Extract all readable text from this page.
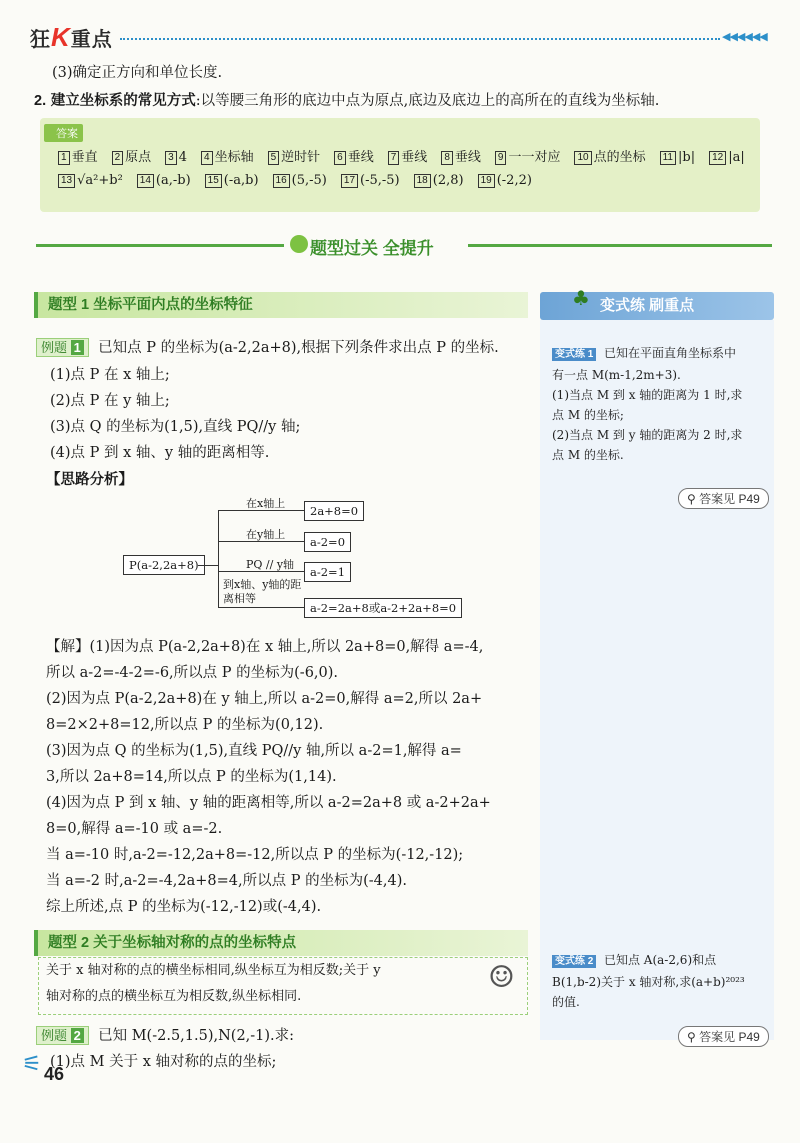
狂K重点	◀◀◀◀◀◀
(3)确定正方向和单位长度.
2. 建立坐标系的常见方式:以等腰三角形的底边中点为原点,底边及底边上的高所在的直线为坐标轴.
答案
1 垂直 2 原点 3 4 4 坐标轴 5 逆时针 6 垂线 7 垂线 8 垂线 9 一一对应 10 点的坐标 11 |b| 12 |a|
13 √a²+b² 14 (a,-b) 15 (-a,b) 16 (5,-5) 17 (-5,-5) 18 (2,8) 19 (-2,2)
题型过关 全提升
题型 1 坐标平面内点的坐标特征
例题 1 已知点 P 的坐标为(a-2,2a+8),根据下列条件求出点 P 的坐标.
(1)点 P 在 x 轴上;
(2)点 P 在 y 轴上;
(3)点 Q 的坐标为(1,5),直线 PQ//y 轴;
(4)点 P 到 x 轴、y 轴的距离相等.
【思路分析】
P(a-2,2a+8)
在x轴上
在y轴上
PQ // y轴
到x轴、y轴的距离相等
2a+8=0
a-2=0
a-2=1
a-2=2a+8或a-2+2a+8=0
【解】(1)因为点 P(a-2,2a+8)在 x 轴上,所以 2a+8=0,解得 a=-4,
所以 a-2=-4-2=-6,所以点 P 的坐标为(-6,0).
(2)因为点 P(a-2,2a+8)在 y 轴上,所以 a-2=0,解得 a=2,所以 2a+
8=2×2+8=12,所以点 P 的坐标为(0,12).
(3)因为点 Q 的坐标为(1,5),直线 PQ//y 轴,所以 a-2=1,解得 a=
3,所以 2a+8=14,所以点 P 的坐标为(1,14).
(4)因为点 P 到 x 轴、y 轴的距离相等,所以 a-2=2a+8 或 a-2+2a+
8=0,解得 a=-10 或 a=-2.
当 a=-10 时,a-2=-12,2a+8=-12,所以点 P 的坐标为(-12,-12);
当 a=-2 时,a-2=-4,2a+8=4,所以点 P 的坐标为(-4,4).
综上所述,点 P 的坐标为(-12,-12)或(-4,4).
题型 2 关于坐标轴对称的点的坐标特点
关于 x 轴对称的点的横坐标相同,纵坐标互为相反数;关于 y
轴对称的点的横坐标互为相反数,纵坐标相同.
☺
例题 2 已知 M(-2.5,1.5),N(2,-1).求:
(1)点 M 关于 x 轴对称的点的坐标;
变式练 刷重点
♣
变式练 1 已知在平面直角坐标系中
有一点 M(m-1,2m+3).
(1)当点 M 到 x 轴的距离为 1 时,求
点 M 的坐标;
(2)当点 M 到 y 轴的距离为 2 时,求
点 M 的坐标.
⚲ 答案见 P49
变式练 2 已知点 A(a-2,6)和点
B(1,b-2)关于 x 轴对称,求(a+b)²⁰²³
的值.
⚲ 答案见 P49
⚟ 46
